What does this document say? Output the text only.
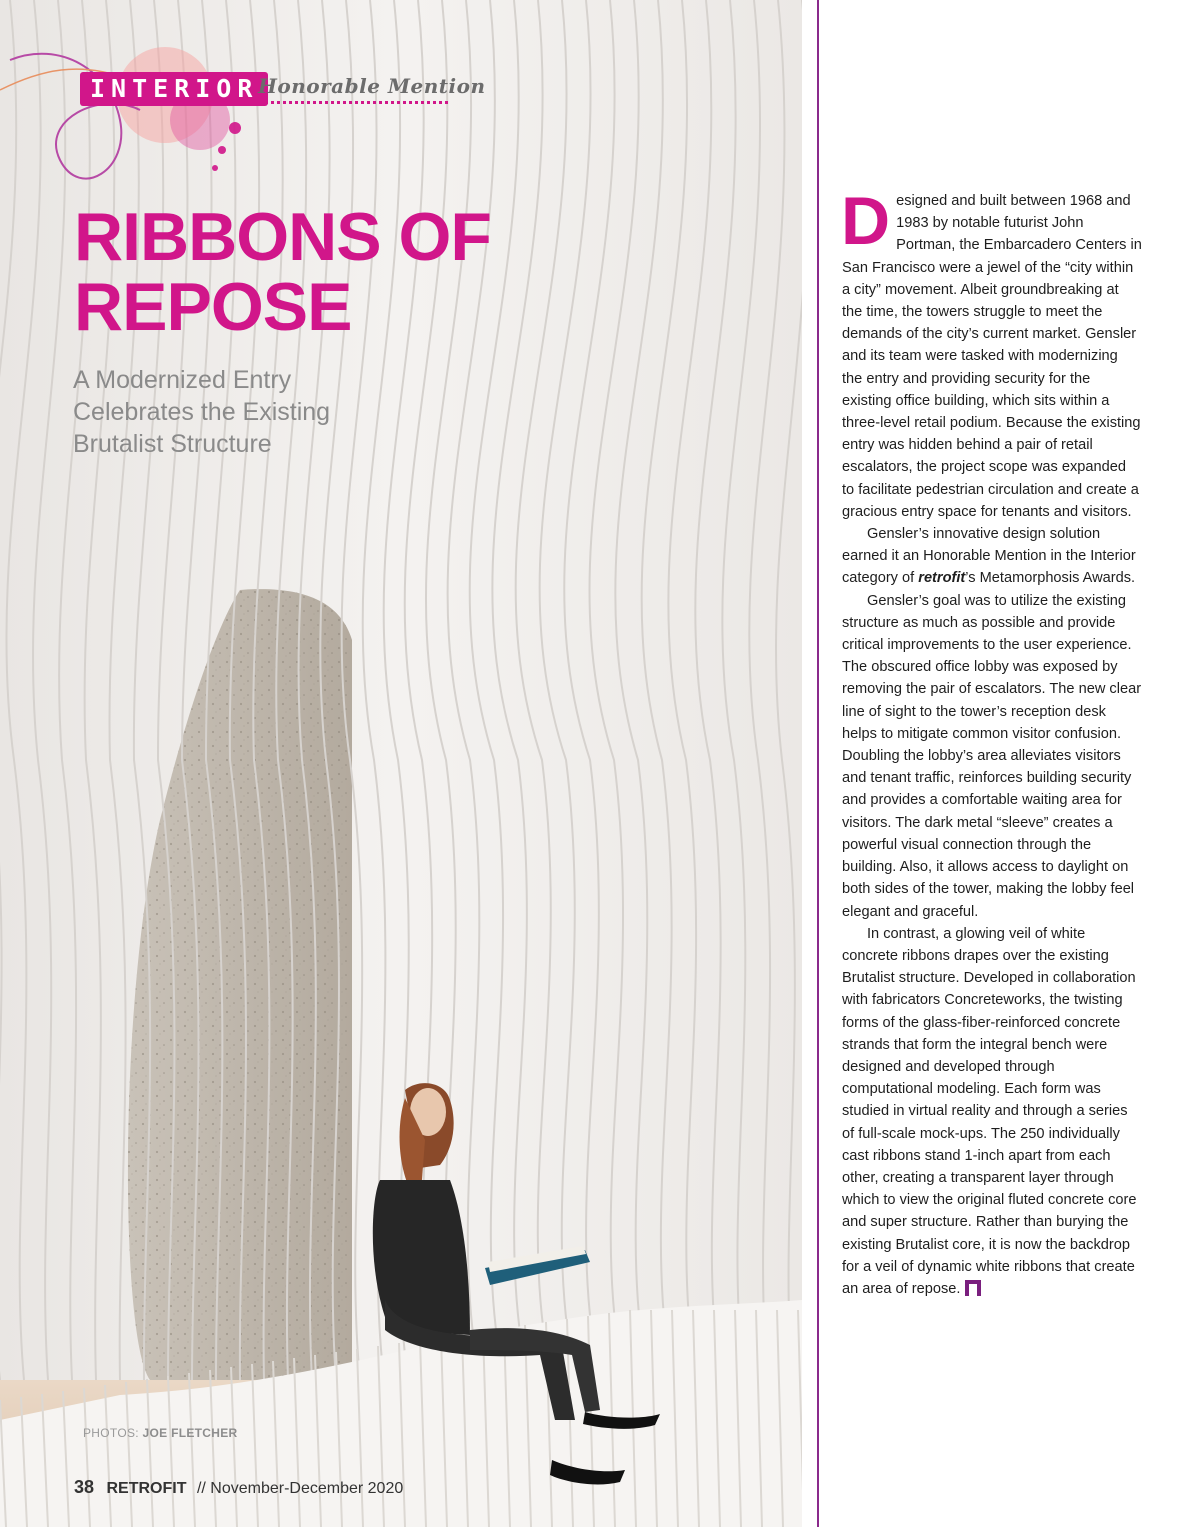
INTERIOR Honorable Mention
RIBBONS OF REPOSE

A Modernized Entry Celebrates the Existing Brutalist Structure

PHOTOS: JOE FLETCHER
38 RETROFIT // November-December 2020

Designed and built between 1968 and 1983 by notable futurist John Portman, the Embarcadero Centers in San Francisco were a jewel of the “city within a city” movement. Albeit groundbreaking at the time, the towers struggle to meet the demands of the city’s current market. Gensler and its team were tasked with modernizing the entry and providing security for the existing office building, which sits within a three-level retail podium. Because the existing entry was hidden behind a pair of retail escalators, the project scope was expanded to facilitate pedestrian circulation and create a gracious entry space for tenants and visitors.

Gensler’s innovative design solution earned it an Honorable Mention in the Interior category of retrofit’s Metamorphosis Awards.

Gensler’s goal was to utilize the existing structure as much as possible and provide critical improvements to the user experience. The obscured office lobby was exposed by removing the pair of escalators. The new clear line of sight to the tower’s reception desk helps to mitigate common visitor confusion. Doubling the lobby’s area alleviates visitors and tenant traffic, reinforces building security and provides a comfortable waiting area for visitors. The dark metal “sleeve” creates a powerful visual connection through the building. Also, it allows access to daylight on both sides of the tower, making the lobby feel elegant and graceful.

In contrast, a glowing veil of white concrete ribbons drapes over the existing Brutalist structure. Developed in collaboration with fabricators Concreteworks, the twisting forms of the glass-fiber-reinforced concrete strands that form the integral bench were designed and developed through computational modeling. Each form was studied in virtual reality and through a series of full-scale mock-ups. The 250 individually cast ribbons stand 1-inch apart from each other, creating a transparent layer through which to view the original fluted concrete core and super structure. Rather than burying the existing Brutalist core, it is now the backdrop for a veil of dynamic white ribbons that create an area of repose.
